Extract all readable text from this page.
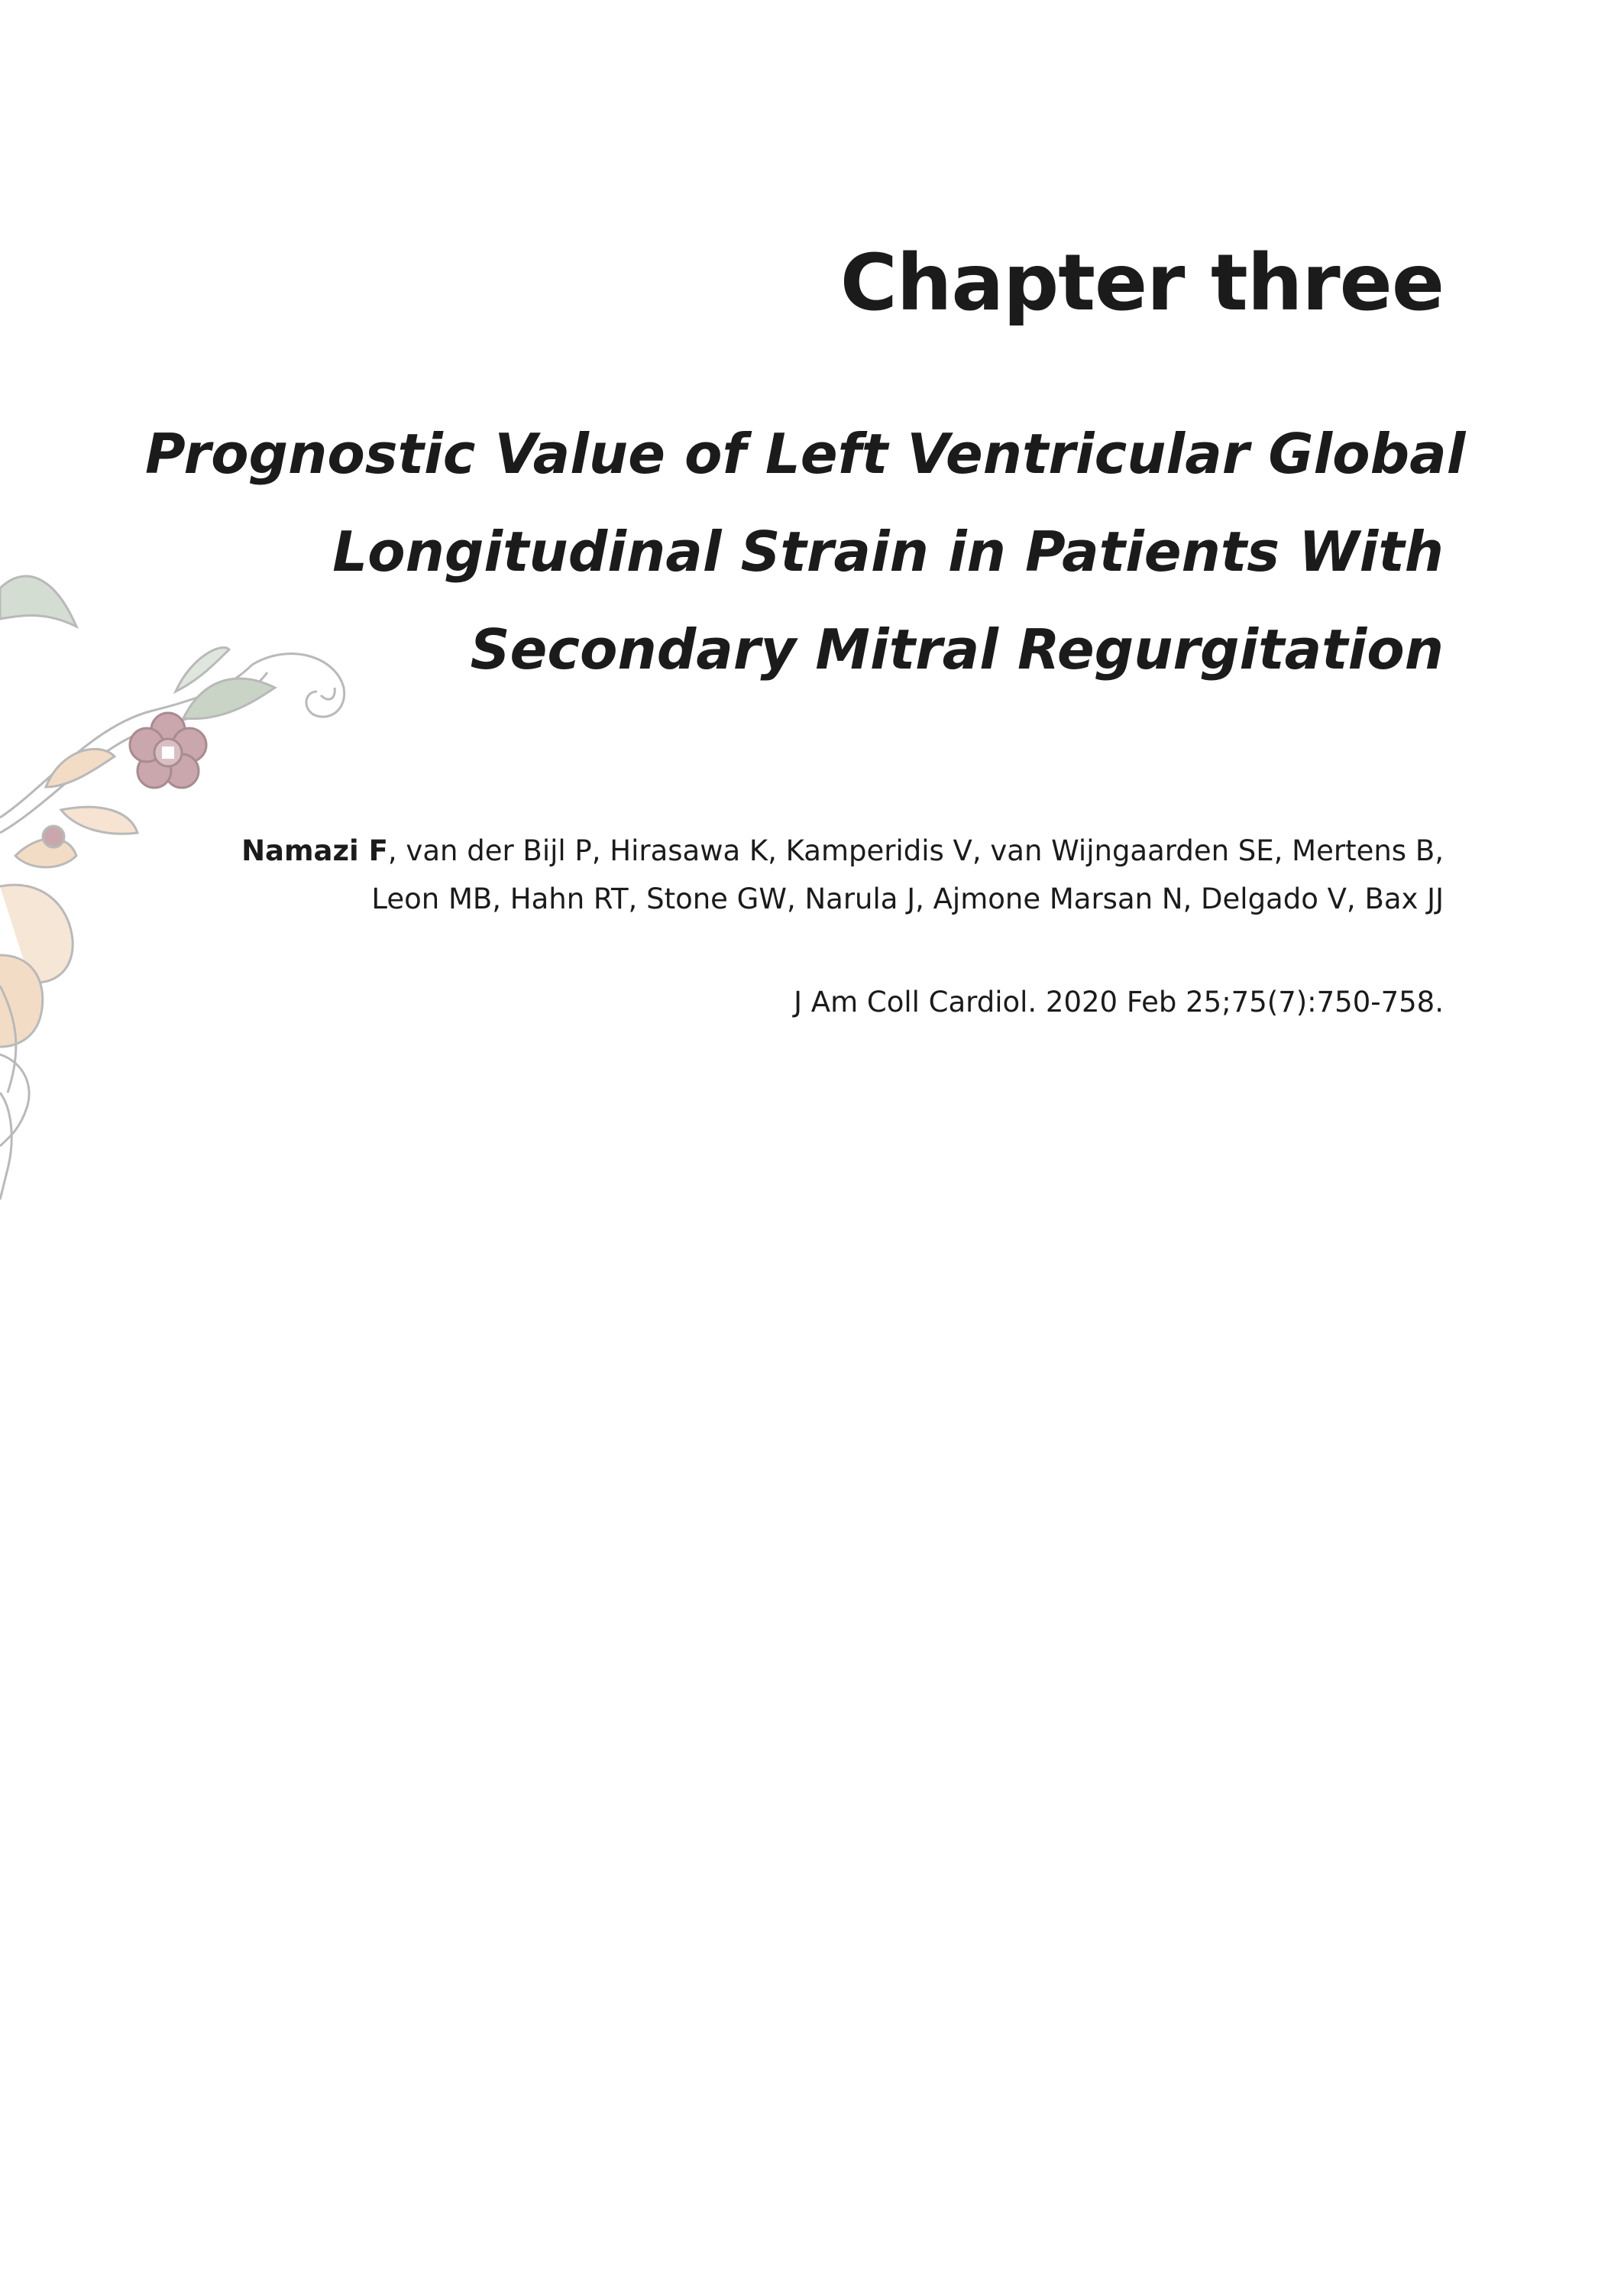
Chapter three
Prognostic Value of Left Ventricular Global
Longitudinal Strain in Patients With
Secondary Mitral Regurgitation

Namazi F, van der Bijl P, Hirasawa K, Kamperidis V, van Wijngaarden SE, Mertens B,
Leon MB, Hahn RT, Stone GW, Narula J, Ajmone Marsan N, Delgado V, Bax JJ

J Am Coll Cardiol. 2020 Feb 25;75(7):750-758.
